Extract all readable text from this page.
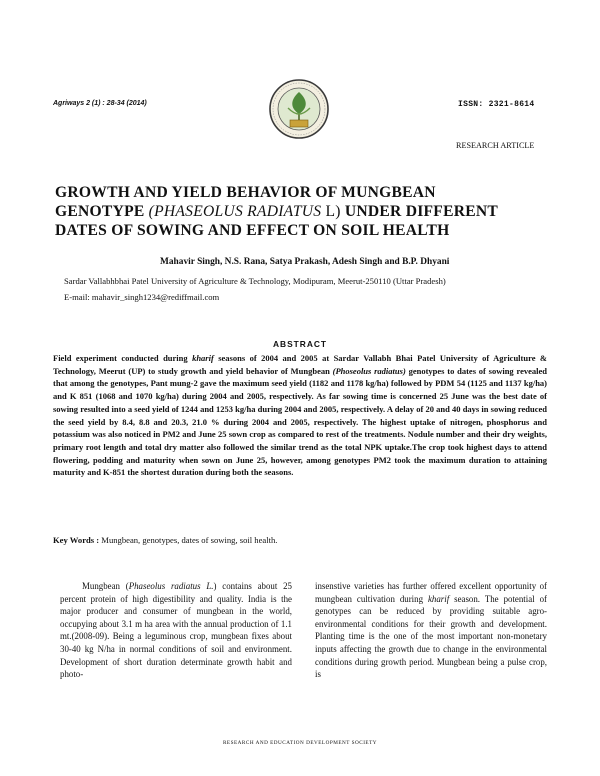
Agriways 2 (1) : 28-34 (2014)	ISSN: 2321-8614
RESEARCH ARTICLE
GROWTH AND YIELD BEHAVIOR OF MUNGBEAN
GENOTYPE (PHASEOLUS RADIATUS L) UNDER DIFFERENT
DATES OF SOWING AND EFFECT ON SOIL HEALTH
Mahavir Singh, N.S. Rana, Satya Prakash, Adesh Singh and B.P. Dhyani
Sardar Vallabhbhai Patel University of Agriculture & Technology, Modipuram, Meerut-250110 (Uttar Pradesh)
E-mail: mahavir_singh1234@rediffmail.com
ABSTRACT

Field experiment conducted during kharif seasons of 2004 and 2005 at Sardar Vallabh Bhai Patel University of Agriculture & Technology, Meerut (UP) to study growth and yield behavior of Mungbean (Phoseolus radiatus) genotypes to dates of sowing revealed that among the genotypes, Pant mung-2 gave the maximum seed yield (1182 and 1178 kg/ha) followed by PDM 54 (1125 and 1137 kg/ha) and K 851 (1068 and 1070 kg/ha) during 2004 and 2005, respectively. As far sowing time is concerned 25 June was the best date of sowing resulted into a seed yield of 1244 and 1253 kg/ha during 2004 and 2005, respectively. A delay of 20 and 40 days in sowing reduced the seed yield by 8.4, 8.8 and 20.3, 21.0 % during 2004 and 2005, respectively. The highest uptake of nitrogen, phosphorus and potassium was also noticed in PM2 and June 25 sown crop as compared to rest of the treatments. Nodule number and their dry weights, primary root length and total dry matter also followed the similar trend as the total NPK uptake.The crop took highest days to attend flowering, podding and maturity when sown on June 25, however, among genotypes PM2 took the maximum duration to attaining maturity and K-851 the shortest duration during both the seasons.

Key Words : Mungbean, genotypes, dates of sowing, soil health.

Mungbean (Phaseolus radiatus L.) contains about 25 percent protein of high digestibility and quality. India is the major producer and consumer of mungbean in the world, occupying about 3.1 m ha area with the annual production of 1.1 mt.(2008-09). Being a leguminous crop, mungbean fixes about 30-40 kg N/ha in normal conditions of soil and environment. Development of short duration determinate growth habit and photo-

insenstive varieties has further offered excellent opportunity of mungbean cultivation during kharif season. The potential of genotypes can be reduced by providing suitable agro-environmental conditions for their growth and development. Planting time is the one of the most important non-monetary inputs affecting the growth due to change in the environmental conditions during growth period. Mungbean being a pulse crop, is

RESEARCH AND EDUCATION DEVELOPMENT SOCIETY
